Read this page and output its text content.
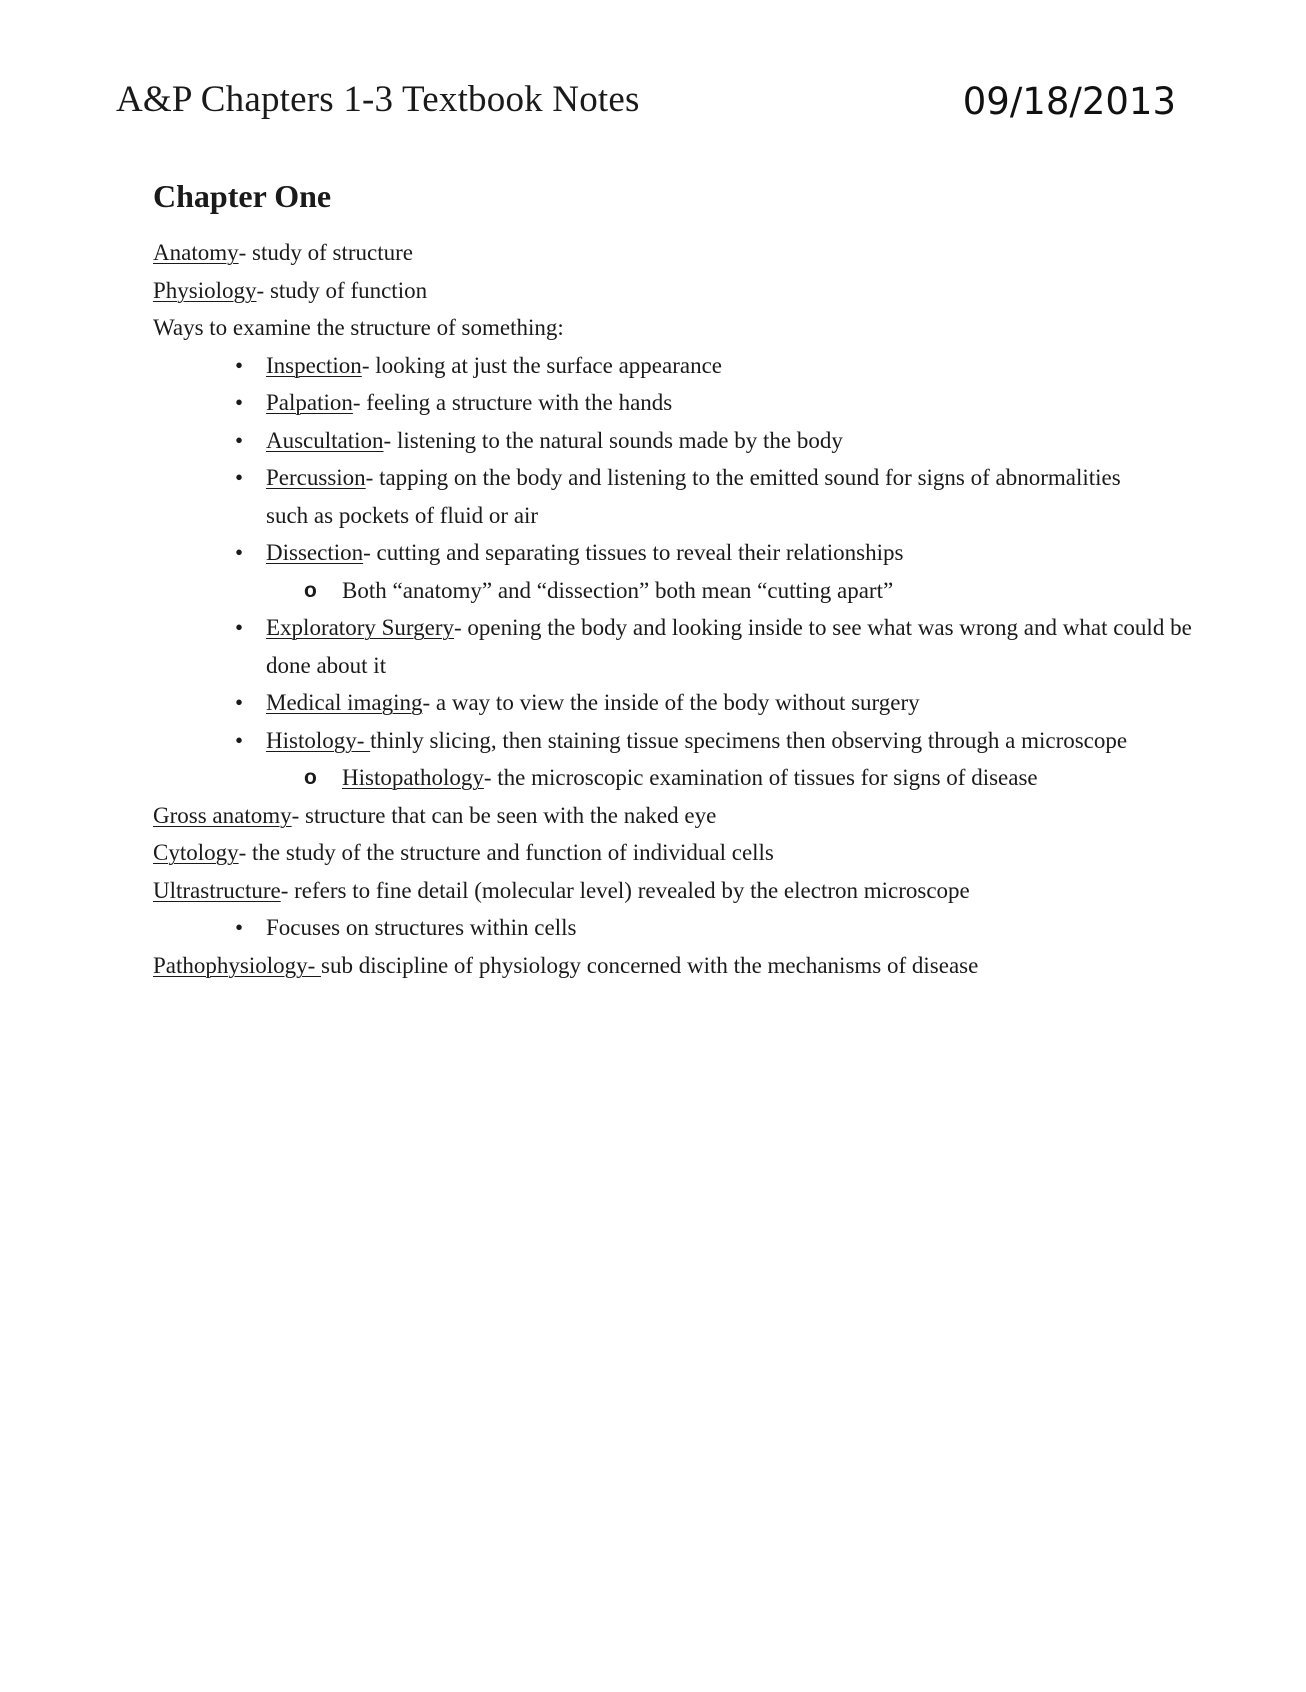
A&P Chapters 1-3 Textbook Notes	09/18/2013
Chapter One
Anatomy- study of structure
Physiology- study of function
Ways to examine the structure of something:
• Inspection- looking at just the surface appearance
• Palpation- feeling a structure with the hands
• Auscultation- listening to the natural sounds made by the body
• Percussion- tapping on the body and listening to the emitted sound for signs of abnormalities such as pockets of fluid or air
• Dissection- cutting and separating tissues to reveal their relationships
o Both “anatomy” and “dissection” both mean “cutting apart”
• Exploratory Surgery- opening the body and looking inside to see what was wrong and what could be done about it
• Medical imaging- a way to view the inside of the body without surgery
• Histology- thinly slicing, then staining tissue specimens then observing through a microscope
o Histopathology- the microscopic examination of tissues for signs of disease
Gross anatomy- structure that can be seen with the naked eye
Cytology- the study of the structure and function of individual cells
Ultrastructure- refers to fine detail (molecular level) revealed by the electron microscope
• Focuses on structures within cells
Pathophysiology- sub discipline of physiology concerned with the mechanisms of disease
